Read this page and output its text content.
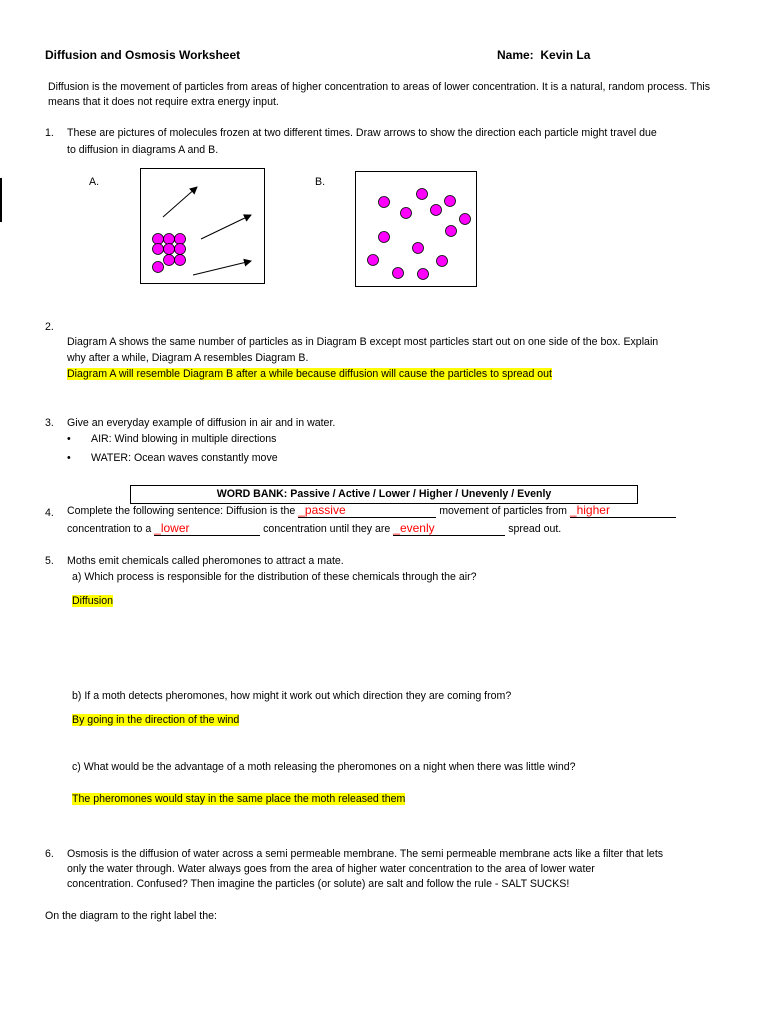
Diffusion and Osmosis Worksheet	Name: Kevin La
Diffusion is the movement of particles from areas of higher concentration to areas of lower concentration. It is a natural, random process. This means that it does not require extra energy input.
1. These are pictures of molecules frozen at two different times. Draw arrows to show the direction each particle might travel due
to diffusion in diagrams A and B.
A.	B.
2.
Diagram A shows the same number of particles as in Diagram B except most particles start out on one side of the box. Explain
why after a while, Diagram A resembles Diagram B.
Diagram A will resemble Diagram B after a while because diffusion will cause the particles to spread out
3. Give an everyday example of diffusion in air and in water.
• AIR: Wind blowing in multiple directions
• WATER: Ocean waves constantly move
WORD BANK: Passive / Active / Lower / Higher / Unevenly / Evenly
4. Complete the following sentence: Diffusion is the _passive	movement of particles from _higher
concentration to a _lower	concentration until they are _evenly	spread out.
5. Moths emit chemicals called pheromones to attract a mate.
a) Which process is responsible for the distribution of these chemicals through the air?
Diffusion
b) If a moth detects pheromones, how might it work out which direction they are coming from?
By going in the direction of the wind
c) What would be the advantage of a moth releasing the pheromones on a night when there was little wind?
The pheromones would stay in the same place the moth released them
6. Osmosis is the diffusion of water across a semi permeable membrane. The semi permeable membrane acts like a filter that lets
only the water through. Water always goes from the area of higher water concentration to the area of lower water
concentration. Confused? Then imagine the particles (or solute) are salt and follow the rule - SALT SUCKS!
On the diagram to the right label the:
